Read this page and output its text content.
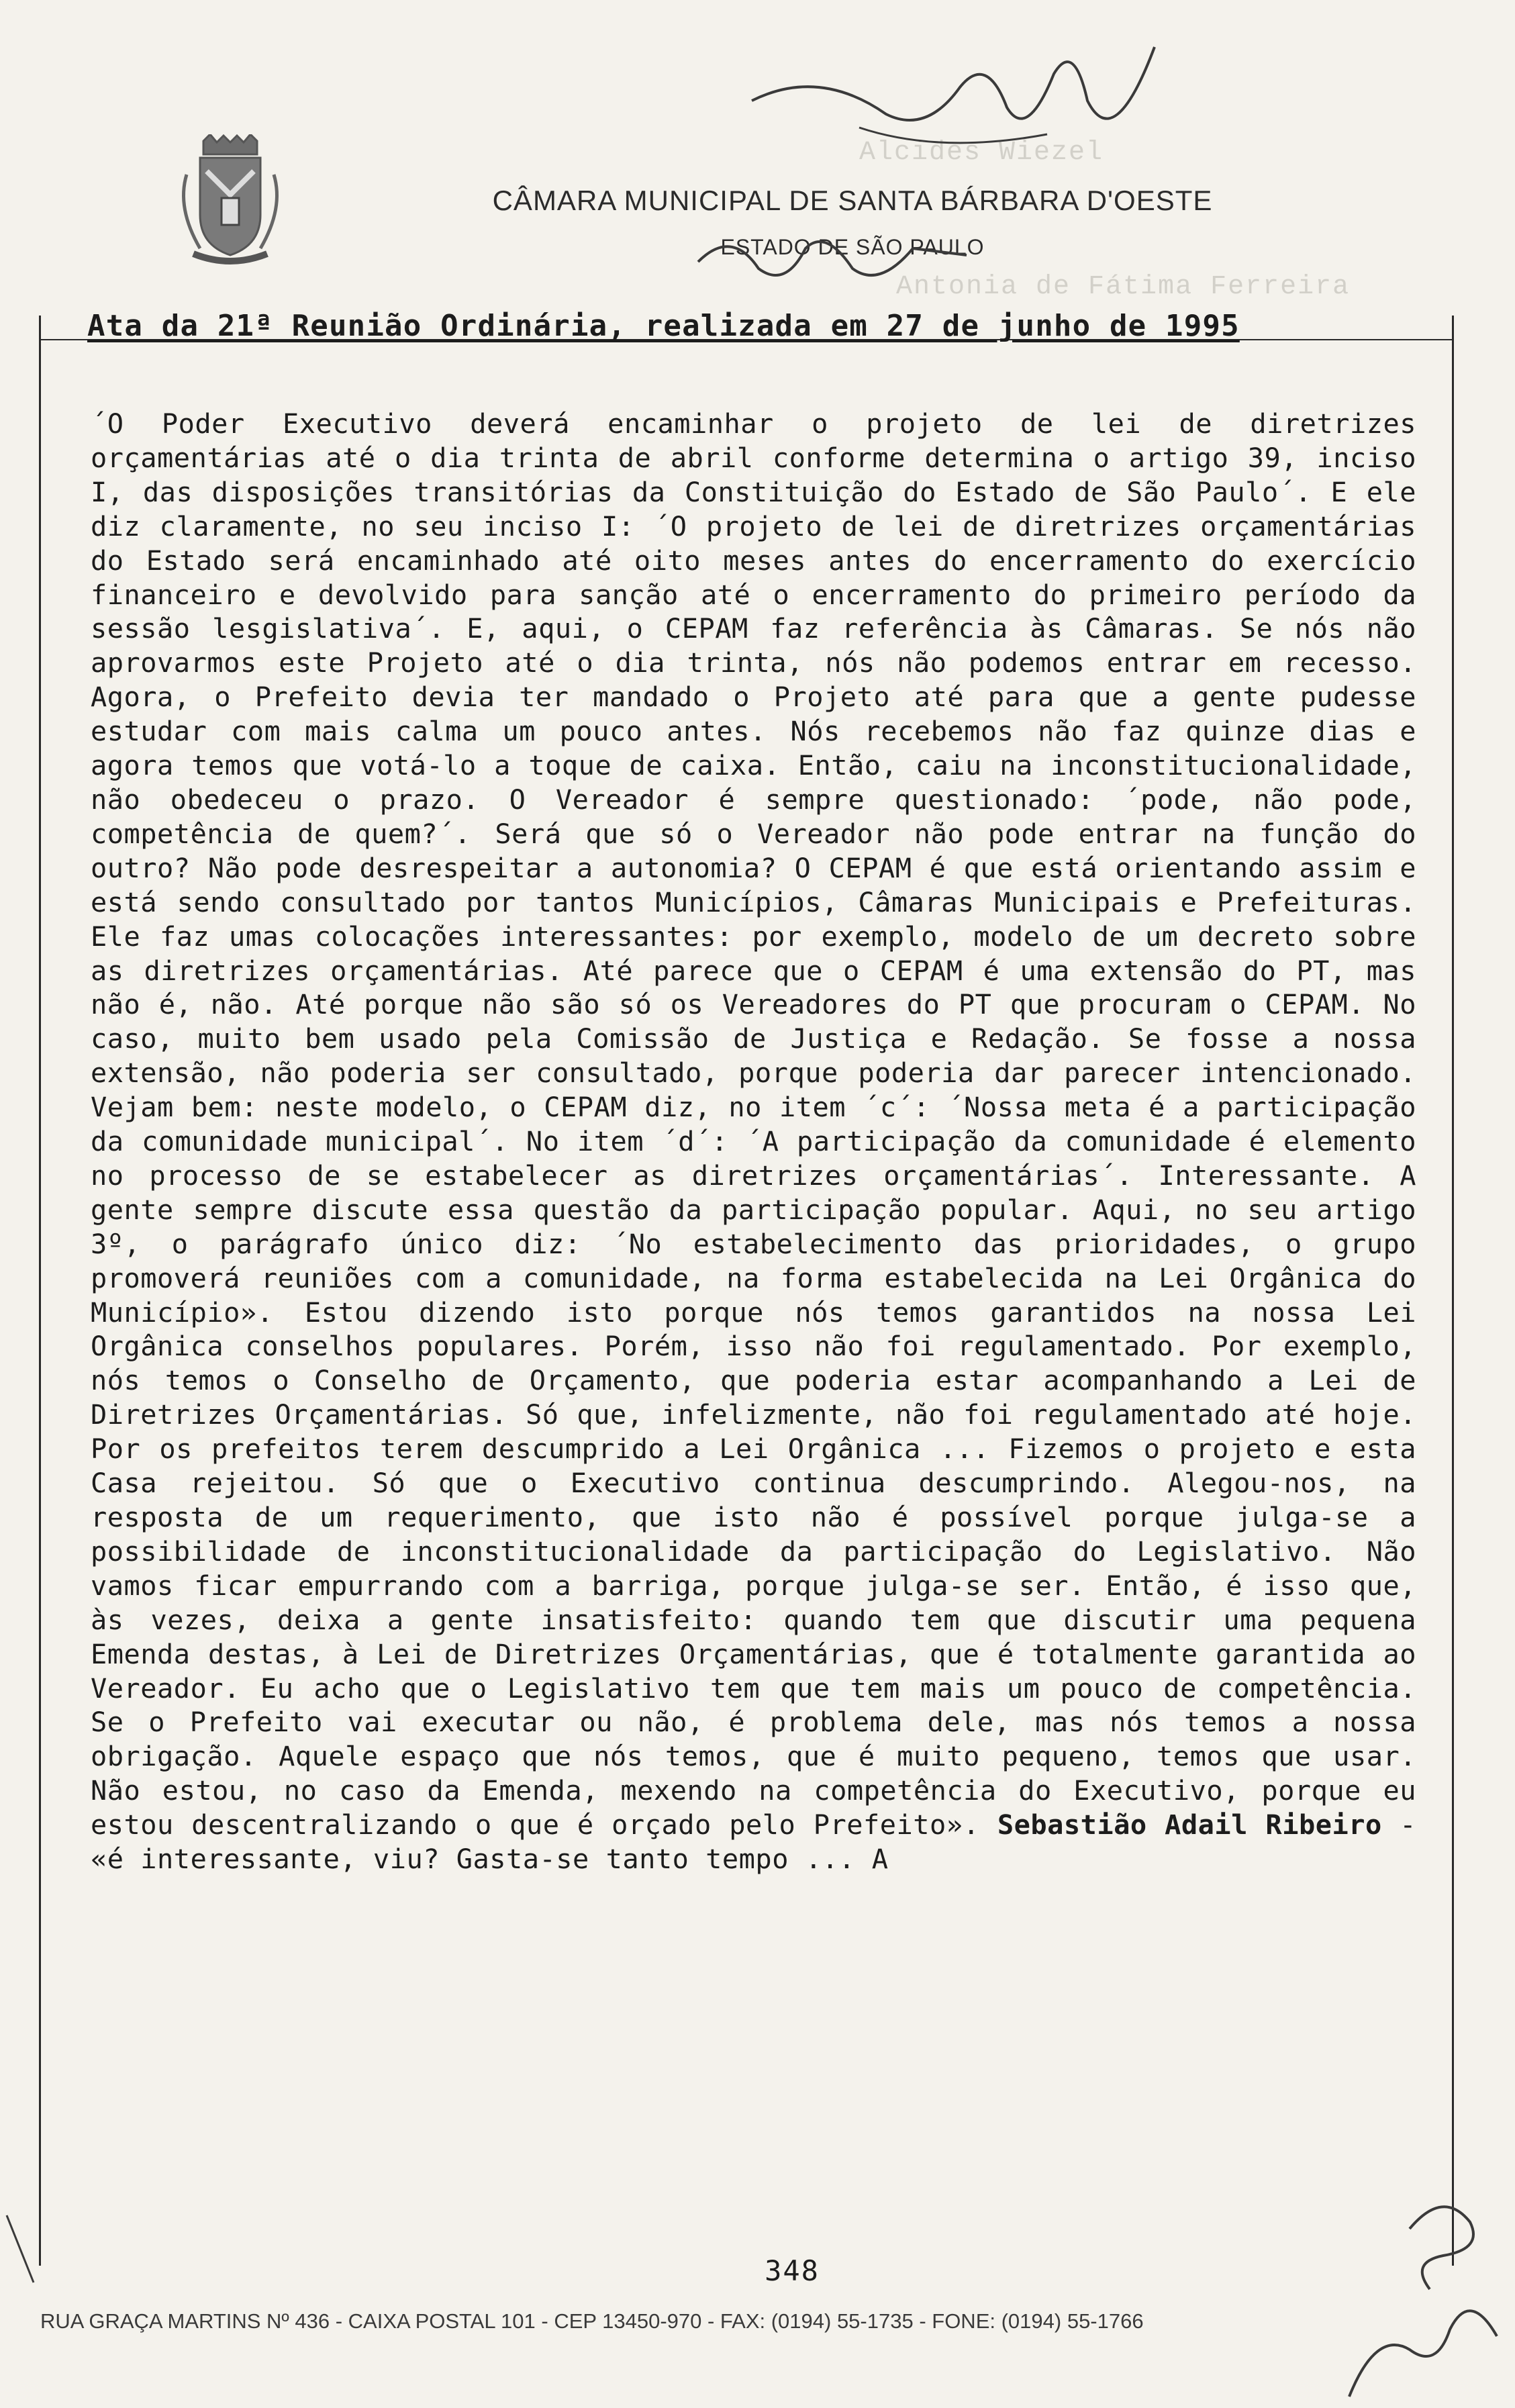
Alcides Wiezel
Antonia de Fátima Ferreira
CÂMARA MUNICIPAL DE SANTA BÁRBARA D'OESTE
ESTADO DE SÃO PAULO
Ata da 21ª Reunião Ordinária, realizada em 27 de junho de 1995

´O Poder Executivo deverá encaminhar o projeto de lei de diretrizes orçamentárias até o dia trinta de abril conforme determina o artigo 39, inciso I, das disposições transitórias da Constituição do Estado de São Paulo´. E ele diz claramente, no seu inciso I: ´O projeto de lei de diretrizes orçamentárias do Estado será encaminhado até oito meses antes do encerramento do exercício financeiro e devolvido para sanção até o encerramento do primeiro período da sessão lesgislativa´. E, aqui, o CEPAM faz referência às Câmaras. Se nós não aprovarmos este Projeto até o dia trinta, nós não podemos entrar em recesso. Agora, o Prefeito devia ter mandado o Projeto até para que a gente pudesse estudar com mais calma um pouco antes. Nós recebemos não faz quinze dias e agora temos que votá-lo a toque de caixa. Então, caiu na inconstitucionalidade, não obedeceu o prazo. O Vereador é sempre questionado: ´pode, não pode, competência de quem?´. Será que só o Vereador não pode entrar na função do outro? Não pode desrespeitar a autonomia? O CEPAM é que está orientando assim e está sendo consultado por tantos Municípios, Câmaras Municipais e Prefeituras. Ele faz umas colocações interessantes: por exemplo, modelo de um decreto sobre as diretrizes orçamentárias. Até parece que o CEPAM é uma extensão do PT, mas não é, não. Até porque não são só os Vereadores do PT que procuram o CEPAM. No caso, muito bem usado pela Comissão de Justiça e Redação. Se fosse a nossa extensão, não poderia ser consultado, porque poderia dar parecer intencionado. Vejam bem: neste modelo, o CEPAM diz, no item ´c´: ´Nossa meta é a participação da comunidade municipal´. No item ´d´: ´A participação da comunidade é elemento no processo de se estabelecer as diretrizes orçamentárias´. Interessante. A gente sempre discute essa questão da participação popular. Aqui, no seu artigo 3º, o parágrafo único diz: ´No estabelecimento das prioridades, o grupo promoverá reuniões com a comunidade, na forma estabelecida na Lei Orgânica do Município». Estou dizendo isto porque nós temos garantidos na nossa Lei Orgânica conselhos populares. Porém, isso não foi regulamentado. Por exemplo, nós temos o Conselho de Orçamento, que poderia estar acompanhando a Lei de Diretrizes Orçamentárias. Só que, infelizmente, não foi regulamentado até hoje. Por os prefeitos terem descumprido a Lei Orgânica ... Fizemos o projeto e esta Casa rejeitou. Só que o Executivo continua descumprindo. Alegou-nos, na resposta de um requerimento, que isto não é possível porque julga-se a possibilidade de inconstitucionalidade da participação do Legislativo. Não vamos ficar empurrando com a barriga, porque julga-se ser. Então, é isso que, às vezes, deixa a gente insatisfeito: quando tem que discutir uma pequena Emenda destas, à Lei de Diretrizes Orçamentárias, que é totalmente garantida ao Vereador. Eu acho que o Legislativo tem que tem mais um pouco de competência. Se o Prefeito vai executar ou não, é problema dele, mas nós temos a nossa obrigação. Aquele espaço que nós temos, que é muito pequeno, temos que usar. Não estou, no caso da Emenda, mexendo na competência do Executivo, porque eu estou descentralizando o que é orçado pelo Prefeito». Sebastião Adail Ribeiro - «é interessante, viu? Gasta-se tanto tempo ... A

348
RUA GRAÇA MARTINS Nº 436 - CAIXA POSTAL 101 - CEP 13450-970 - FAX: (0194) 55-1735 - FONE: (0194) 55-1766
